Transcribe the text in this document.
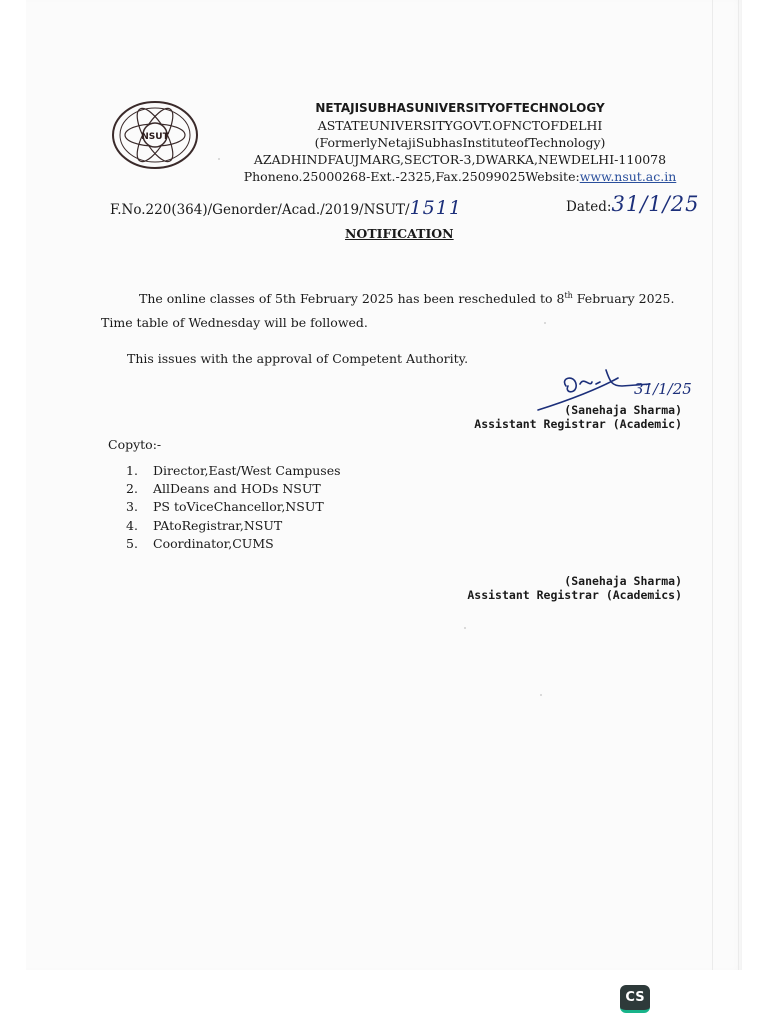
NSUT
NETAJISUBHASUNIVERSITYOFTECHNOLOGY
ASTATEUNIVERSITYGOVT.OFNCTOFDELHI
(FormerlyNetajiSubhasInstituteofTechnology)
AZADHINDFAUJMARG,SECTOR-3,DWARKA,NEWDELHI-110078
Phoneno.25000268-Ext.-2325,Fax.25099025Website:www.nsut.ac.in
F.No.220(364)/Genorder/Acad./2019/NSUT/1511	Dated:31/1/25
NOTIFICATION
The online classes of 5th February 2025 has been rescheduled to 8th February 2025. Time table of Wednesday will be followed.
This issues with the approval of Competent Authority.
31/1/25
(Sanehaja Sharma)
Assistant Registrar (Academic)
Copyto:-
1. Director,East/West Campuses
2. AllDeans and HODs NSUT
3. PS toViceChancellor,NSUT
4. PAtoRegistrar,NSUT
5. Coordinator,CUMS
(Sanehaja Sharma)
Assistant Registrar (Academics)
CS
